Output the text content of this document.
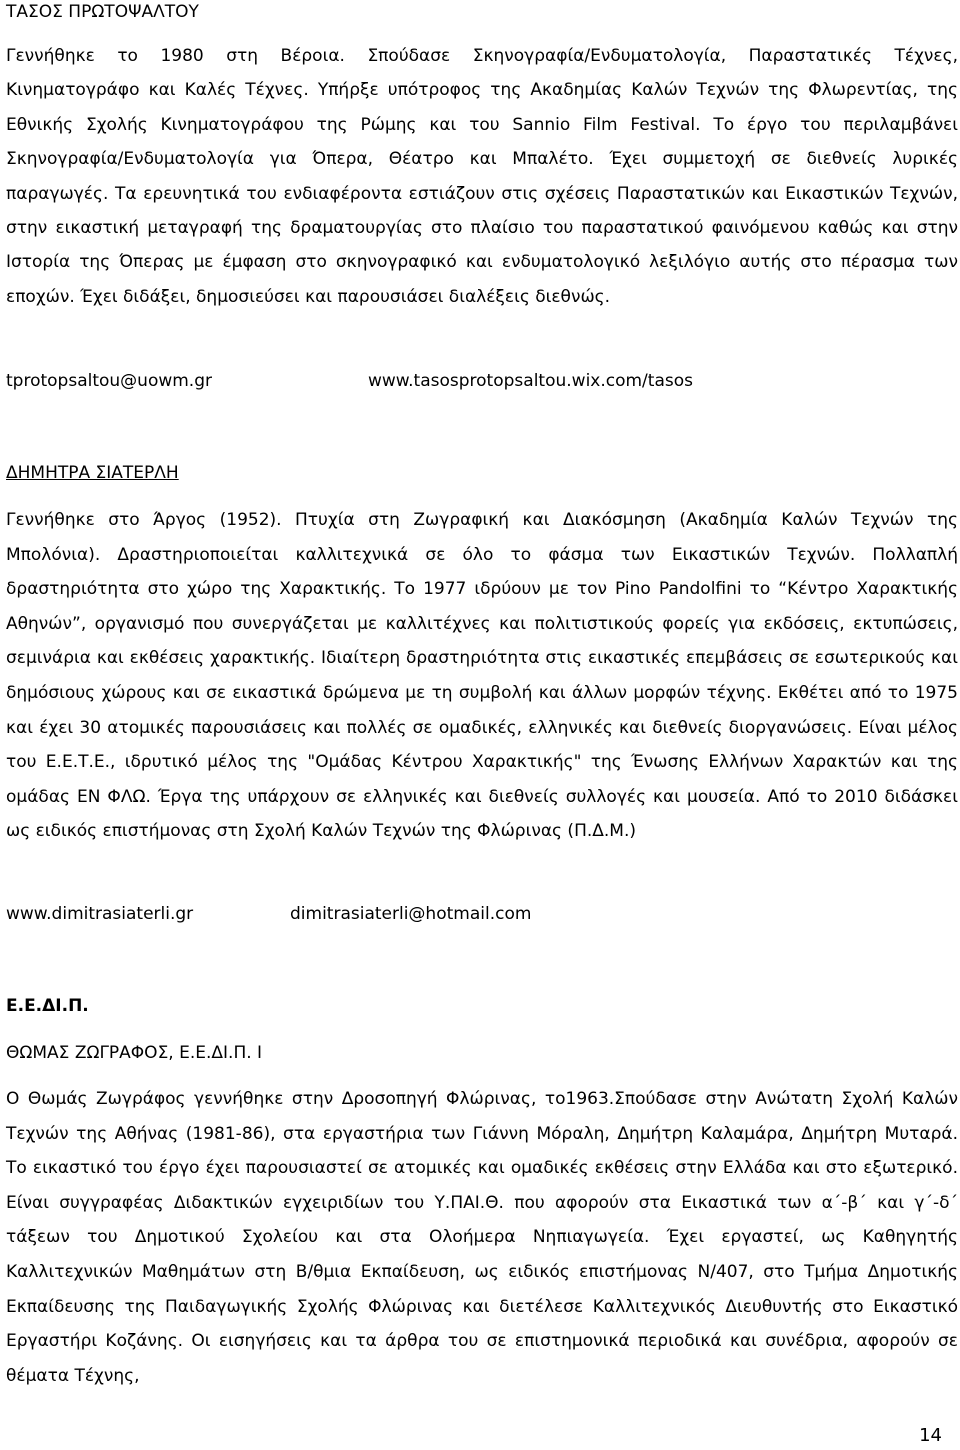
ΤΑΣΟΣ ΠΡΩΤΟΨΑΛΤΟΥ

Γεννήθηκε το 1980 στη Βέροια. Σπούδασε Σκηνογραφία/Ενδυματολογία, Παραστατικές Τέχνες, Κινηματογράφο και Καλές Τέχνες. Υπήρξε υπότροφος της Ακαδημίας Καλών Τεχνών της Φλωρεντίας, της Εθνικής Σχολής Κινηματογράφου της Ρώμης και του Sannio Film Festival. Το έργο του περιλαμβάνει Σκηνογραφία/Ενδυματολογία για Όπερα, Θέατρο και Μπαλέτο. Έχει συμμετοχή σε διεθνείς λυρικές παραγωγές. Τα ερευνητικά του ενδιαφέροντα εστιάζουν στις σχέσεις Παραστατικών και Εικαστικών Τεχνών, στην εικαστική μεταγραφή της δραματουργίας στο πλαίσιο του παραστατικού φαινόμενου καθώς και στην Ιστορία της Όπερας με έμφαση στο σκηνογραφικό και ενδυματολογικό λεξιλόγιο αυτής στο πέρασμα των εποχών. Έχει διδάξει, δημοσιεύσει και παρουσιάσει διαλέξεις διεθνώς.

tprotopsaltou@uowm.gr	www.tasosprotopsaltou.wix.com/tasos
ΔΗΜΗΤΡΑ ΣΙΑΤΕΡΛΗ

Γεννήθηκε στο Άργος (1952). Πτυχία στη Ζωγραφική και Διακόσμηση (Ακαδημία Καλών Τεχνών της Μπολόνια). Δραστηριοποιείται καλλιτεχνικά σε όλο το φάσμα των Εικαστικών Τεχνών. Πολλαπλή δραστηριότητα στο χώρο της Χαρακτικής. Το 1977 ιδρύουν με τον Pino Pandolfini το “Κέντρο Χαρακτικής Αθηνών”, οργανισμό που συνεργάζεται με καλλιτέχνες και πολιτιστικούς φορείς για εκδόσεις, εκτυπώσεις, σεμινάρια και εκθέσεις χαρακτικής. Ιδιαίτερη δραστηριότητα στις εικαστικές επεμβάσεις σε εσωτερικούς και δημόσιους χώρους και σε εικαστικά δρώμενα με τη συμβολή και άλλων μορφών τέχνης. Εκθέτει από το 1975 και έχει 30 ατομικές παρουσιάσεις και πολλές σε ομαδικές, ελληνικές και διεθνείς διοργανώσεις. Είναι μέλος του Ε.Ε.Τ.Ε., ιδρυτικό μέλος της "Ομάδας Κέντρου Χαρακτικής" της Ένωσης Ελλήνων Χαρακτών και της ομάδας ΕΝ ΦΛΩ. Έργα της υπάρχουν σε ελληνικές και διεθνείς συλλογές και μουσεία. Από το 2010 διδάσκει ως ειδικός επιστήμονας στη Σχολή Καλών Τεχνών της Φλώρινας (Π.Δ.Μ.)

www.dimitrasiaterli.gr	dimitrasiaterli@hotmail.com
Ε.Ε.ΔΙ.Π.
ΘΩΜΑΣ ΖΩΓΡΑΦΟΣ, Ε.Ε.ΔΙ.Π. Ι

Ο Θωμάς Ζωγράφος γεννήθηκε στην Δροσοπηγή Φλώρινας, το1963.Σπούδασε στην Ανώτατη Σχολή Καλών Τεχνών της Αθήνας (1981-86), στα εργαστήρια των Γιάννη Μόραλη, Δημήτρη Καλαμάρα, Δημήτρη Μυταρά. Το εικαστικό του έργο έχει παρουσιαστεί σε ατομικές και ομαδικές εκθέσεις στην Ελλάδα και στο εξωτερικό. Είναι συγγραφέας Διδακτικών εγχειριδίων του Υ.ΠΑΙ.Θ. που αφορούν στα Εικαστικά των α΄-β΄ και γ΄-δ΄ τάξεων του Δημοτικού Σχολείου και στα Ολοήμερα Νηπιαγωγεία. Έχει εργαστεί, ως Καθηγητής Καλλιτεχνικών Μαθημάτων στη Β/θμια Εκπαίδευση, ως ειδικός επιστήμονας Ν/407, στο Τμήμα Δημοτικής Εκπαίδευσης της Παιδαγωγικής Σχολής Φλώρινας και διετέλεσε Καλλιτεχνικός Διευθυντής στο Εικαστικό Εργαστήρι Κοζάνης. Οι εισηγήσεις και τα άρθρα του σε επιστημονικά περιοδικά και συνέδρια, αφορούν σε θέματα Τέχνης,

14
